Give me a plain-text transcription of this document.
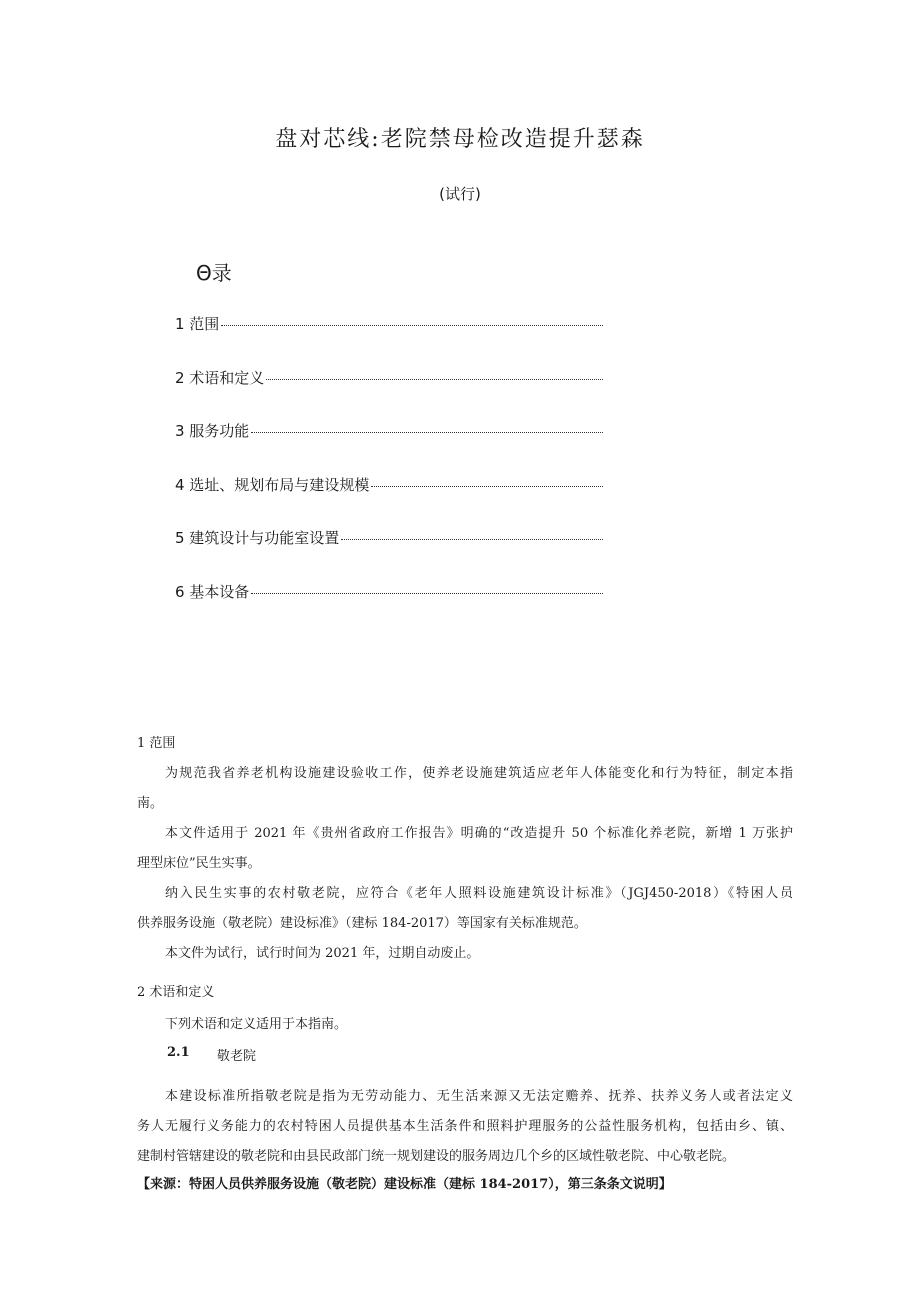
盘对芯线:老院禁母检改造提升瑟森
(试行)
Θ录
1 范围
2 术语和定义
3 服务功能
4 选址、规划布局与建设规模
5 建筑设计与功能室设置
6 基本设备
1 范围
为规范我省养老机构设施建设验收工作，使养老设施建筑适应老年人体能变化和行为特征，制定本指
南。
本文件适用于 2021 年《贵州省政府工作报告》明确的“改造提升 50 个标准化养老院，新增 1 万张护
理型床位”民生实事。
纳入民生实事的农村敬老院，应符合《老年人照料设施建筑设计标准》（JGJ450-2018）《特困人员
供养服务设施（敬老院）建设标准》（建标 184-2017）等国家有关标准规范。
本文件为试行，试行时间为 2021 年，过期自动废止。
2 术语和定义
下列术语和定义适用于本指南。
2.1 敬老院
本建设标准所指敬老院是指为无劳动能力、无生活来源又无法定赡养、抚养、扶养义务人或者法定义
务人无履行义务能力的农村特困人员提供基本生活条件和照料护理服务的公益性服务机构，包括由乡、镇、
建制村管辖建设的敬老院和由县民政部门统一规划建设的服务周边几个乡的区域性敬老院、中心敬老院。
【来源：特困人员供养服务设施（敬老院）建设标准（建标 184-2017），第三条条文说明】
